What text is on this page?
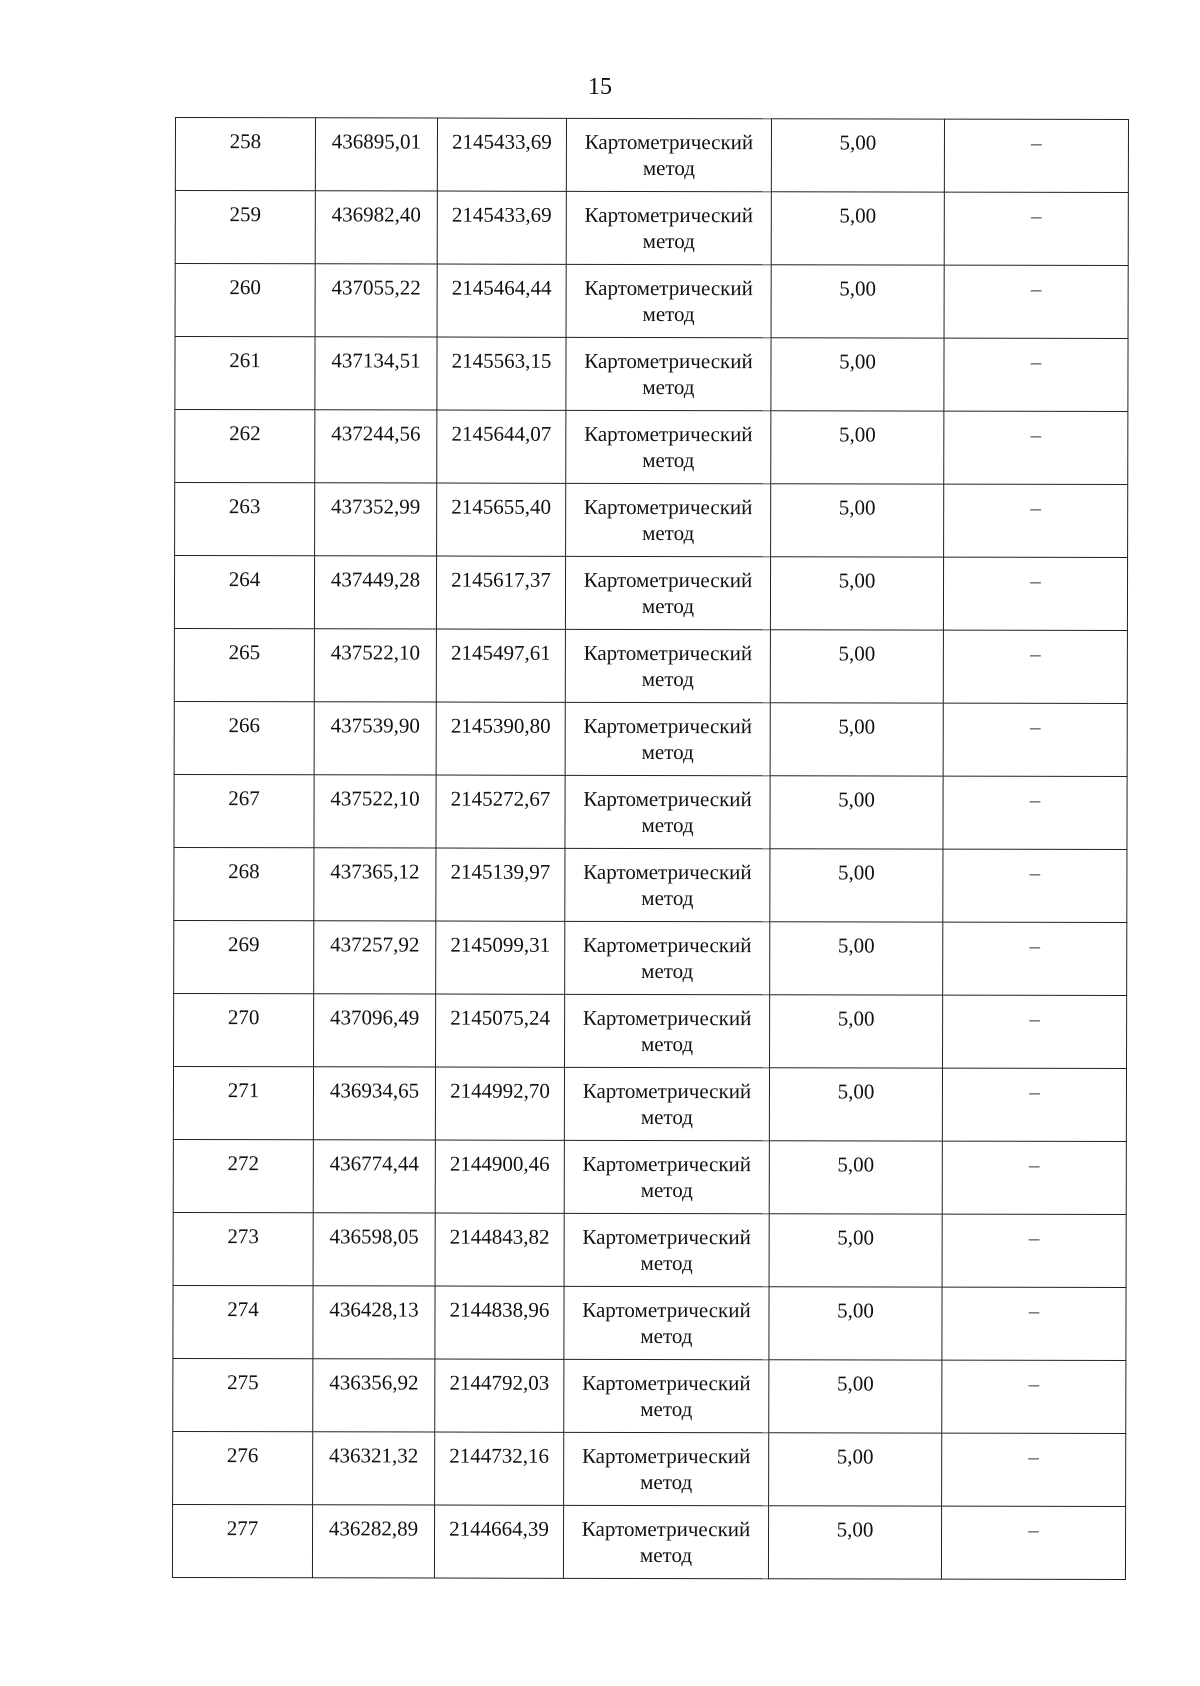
15
258	436895,01	2145433,69	Картометрический метод	5,00	–
259	436982,40	2145433,69	Картометрический метод	5,00	–
260	437055,22	2145464,44	Картометрический метод	5,00	–
261	437134,51	2145563,15	Картометрический метод	5,00	–
262	437244,56	2145644,07	Картометрический метод	5,00	–
263	437352,99	2145655,40	Картометрический метод	5,00	–
264	437449,28	2145617,37	Картометрический метод	5,00	–
265	437522,10	2145497,61	Картометрический метод	5,00	–
266	437539,90	2145390,80	Картометрический метод	5,00	–
267	437522,10	2145272,67	Картометрический метод	5,00	–
268	437365,12	2145139,97	Картометрический метод	5,00	–
269	437257,92	2145099,31	Картометрический метод	5,00	–
270	437096,49	2145075,24	Картометрический метод	5,00	–
271	436934,65	2144992,70	Картометрический метод	5,00	–
272	436774,44	2144900,46	Картометрический метод	5,00	–
273	436598,05	2144843,82	Картометрический метод	5,00	–
274	436428,13	2144838,96	Картометрический метод	5,00	–
275	436356,92	2144792,03	Картометрический метод	5,00	–
276	436321,32	2144732,16	Картометрический метод	5,00	–
277	436282,89	2144664,39	Картометрический метод	5,00	–
